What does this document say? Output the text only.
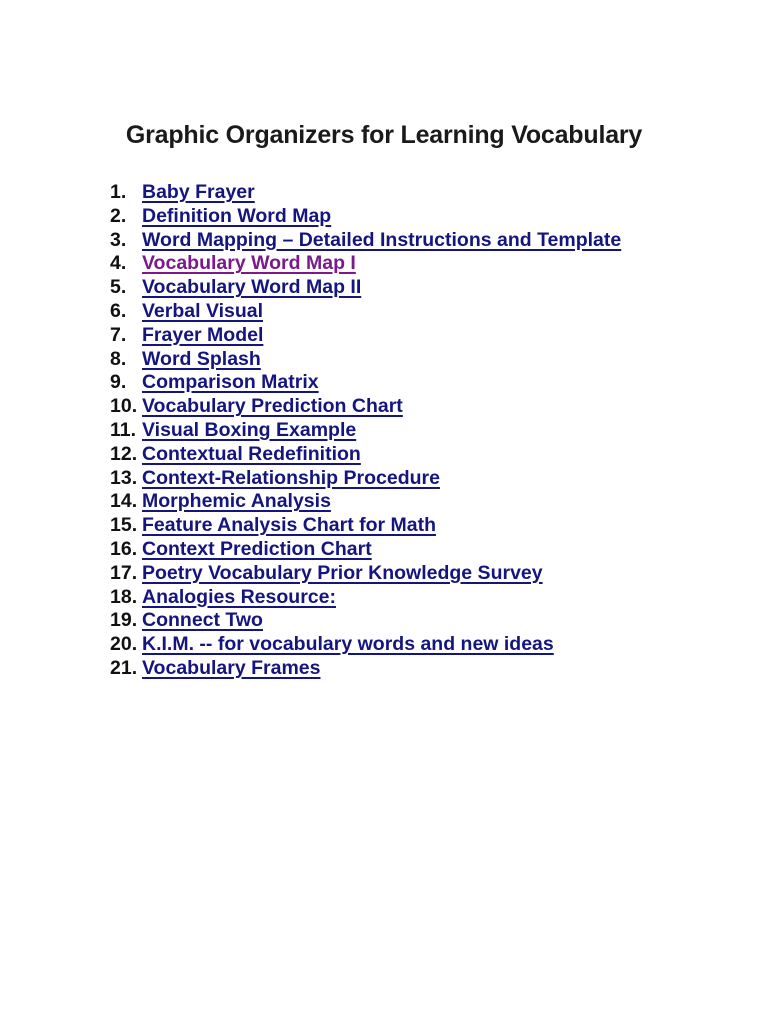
Graphic Organizers for Learning Vocabulary
1. Baby Frayer
2. Definition Word Map
3. Word Mapping – Detailed Instructions and Template
4. Vocabulary Word Map I
5. Vocabulary Word Map II
6. Verbal Visual
7. Frayer Model
8. Word Splash
9. Comparison Matrix
10. Vocabulary Prediction Chart
11. Visual Boxing Example
12. Contextual Redefinition
13. Context-Relationship Procedure
14. Morphemic Analysis
15. Feature Analysis Chart for Math
16. Context Prediction Chart
17. Poetry Vocabulary Prior Knowledge Survey
18. Analogies Resource:
19. Connect Two
20. K.I.M. -- for vocabulary words and new ideas
21. Vocabulary Frames
